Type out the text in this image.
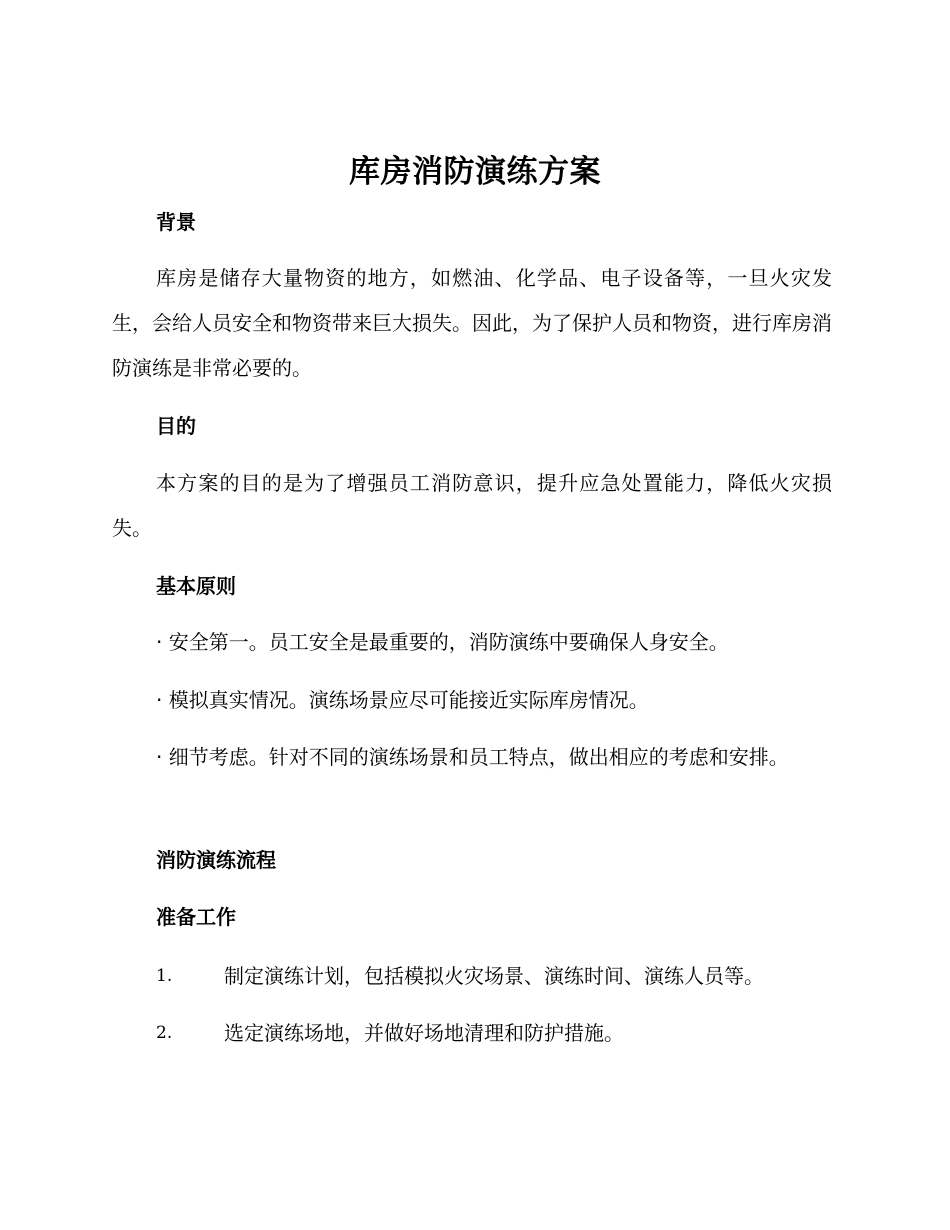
库房消防演练方案
背景
库房是储存大量物资的地方，如燃油、化学品、电子设备等，一旦火灾发生，会给人员安全和物资带来巨大损失。因此，为了保护人员和物资，进行库房消防演练是非常必要的。
目的
本方案的目的是为了增强员工消防意识，提升应急处置能力，降低火灾损失。
基本原则
· 安全第一。员工安全是最重要的，消防演练中要确保人身安全。
· 模拟真实情况。演练场景应尽可能接近实际库房情况。
· 细节考虑。针对不同的演练场景和员工特点，做出相应的考虑和安排。
消防演练流程
准备工作
1.	制定演练计划，包括模拟火灾场景、演练时间、演练人员等。
2.	选定演练场地，并做好场地清理和防护措施。
